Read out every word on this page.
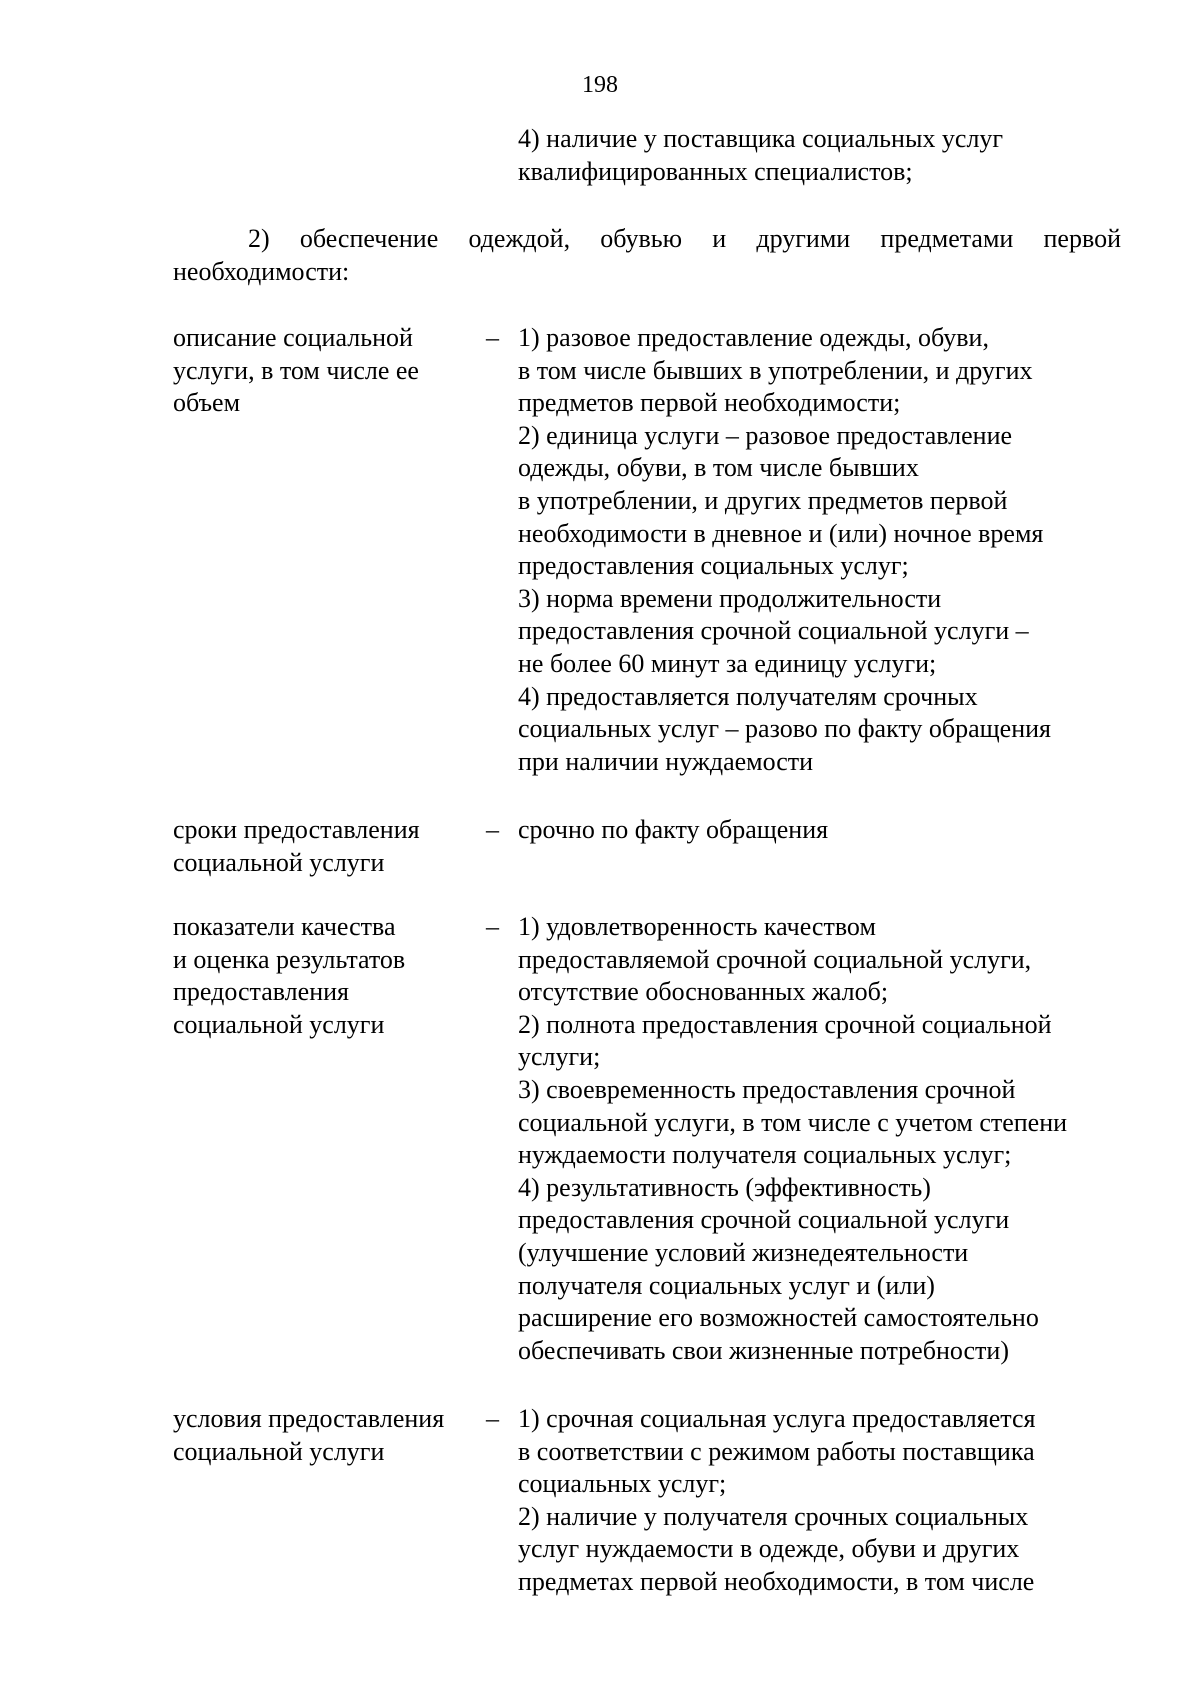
198
4) наличие у поставщика социальных услуг
квалифицированных специалистов;
2) обеспечение одеждой, обувью и другими предметами первой
необходимости:
описание социальной
услуги, в том числе ее
объем
– 1) разовое предоставление одежды, обуви,
в том числе бывших в употреблении, и других
предметов первой необходимости;
2) единица услуги – разовое предоставление
одежды, обуви, в том числе бывших
в употреблении, и других предметов первой
необходимости в дневное и (или) ночное время
предоставления социальных услуг;
3) норма времени продолжительности
предоставления срочной социальной услуги –
не более 60 минут за единицу услуги;
4) предоставляется получателям срочных
социальных услуг – разово по факту обращения
при наличии нуждаемости
сроки предоставления
социальной услуги
– срочно по факту обращения
показатели качества
и оценка результатов
предоставления
социальной услуги
– 1) удовлетворенность качеством
предоставляемой срочной социальной услуги,
отсутствие обоснованных жалоб;
2) полнота предоставления срочной социальной
услуги;
3) своевременность предоставления срочной
социальной услуги, в том числе с учетом степени
нуждаемости получателя социальных услуг;
4) результативность (эффективность)
предоставления срочной социальной услуги
(улучшение условий жизнедеятельности
получателя социальных услуг и (или)
расширение его возможностей самостоятельно
обеспечивать свои жизненные потребности)
условия предоставления
социальной услуги
– 1) срочная социальная услуга предоставляется
в соответствии с режимом работы поставщика
социальных услуг;
2) наличие у получателя срочных социальных
услуг нуждаемости в одежде, обуви и других
предметах первой необходимости, в том числе
